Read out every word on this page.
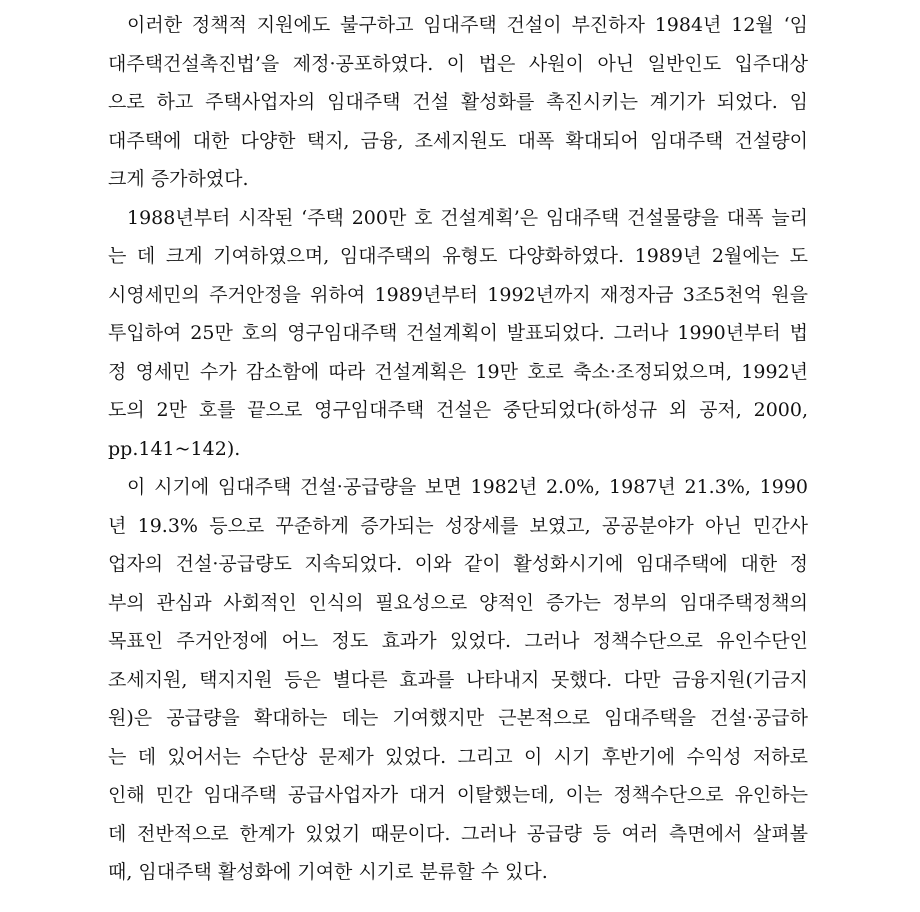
이러한 정책적 지원에도 불구하고 임대주택 건설이 부진하자 1984년 12월 ‘임
대주택건설촉진법’을 제정·공포하였다. 이 법은 사원이 아닌 일반인도 입주대상
으로 하고 주택사업자의 임대주택 건설 활성화를 촉진시키는 계기가 되었다. 임
대주택에 대한 다양한 택지, 금융, 조세지원도 대폭 확대되어 임대주택 건설량이
크게 증가하였다.
1988년부터 시작된 ‘주택 200만 호 건설계획’은 임대주택 건설물량을 대폭 늘리
는 데 크게 기여하였으며, 임대주택의 유형도 다양화하였다. 1989년 2월에는 도
시영세민의 주거안정을 위하여 1989년부터 1992년까지 재정자금 3조5천억 원을
투입하여 25만 호의 영구임대주택 건설계획이 발표되었다. 그러나 1990년부터 법
정 영세민 수가 감소함에 따라 건설계획은 19만 호로 축소·조정되었으며, 1992년
도의 2만 호를 끝으로 영구임대주택 건설은 중단되었다(하성규 외 공저, 2000,
pp.141~142).
이 시기에 임대주택 건설·공급량을 보면 1982년 2.0%, 1987년 21.3%, 1990
년 19.3% 등으로 꾸준하게 증가되는 성장세를 보였고, 공공분야가 아닌 민간사
업자의 건설·공급량도 지속되었다. 이와 같이 활성화시기에 임대주택에 대한 정
부의 관심과 사회적인 인식의 필요성으로 양적인 증가는 정부의 임대주택정책의
목표인 주거안정에 어느 정도 효과가 있었다. 그러나 정책수단으로 유인수단인
조세지원, 택지지원 등은 별다른 효과를 나타내지 못했다. 다만 금융지원(기금지
원)은 공급량을 확대하는 데는 기여했지만 근본적으로 임대주택을 건설·공급하
는 데 있어서는 수단상 문제가 있었다. 그리고 이 시기 후반기에 수익성 저하로
인해 민간 임대주택 공급사업자가 대거 이탈했는데, 이는 정책수단으로 유인하는
데 전반적으로 한계가 있었기 때문이다. 그러나 공급량 등 여러 측면에서 살펴볼
때, 임대주택 활성화에 기여한 시기로 분류할 수 있다.
